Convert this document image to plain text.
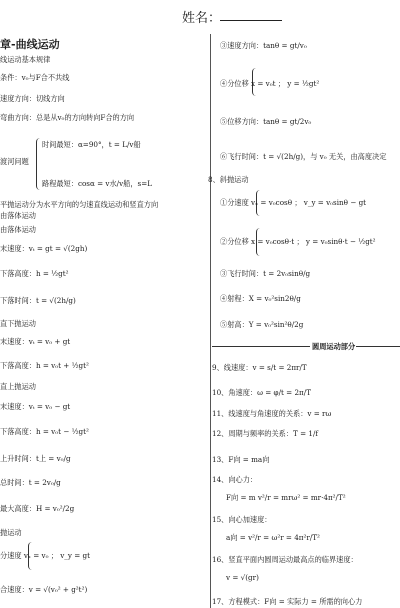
姓名：
章-曲线运动
线运动基本规律
条件：v₀与F合不共线
速度方向：切线方向
弯曲方向：总是从v₀的方向转向F合的方向
时间最短：α=90°，t = L/v船
渡河问题
路程最短：cosα = v水/v船，s=L
平抛运动分为水平方向的匀速直线运动和竖直方向
由落体运动
由落体运动
末速度：vₜ = gt = √(2gh)
下落高度：h = ½gt²
下落时间：t = √(2h/g)
直下抛运动
末速度：vₜ = v₀ + gt
下落高度：h = v₀t + ½gt²
直上抛运动
末速度：vₜ = v₀ − gt
下落高度：h = v₀t − ½gt²
上升时间：t上 = v₀/g
总时间：t = 2v₀/g
最大高度：H = v₀²/2g
抛运动
分速度 vₓ = v₀ ； v_y = gt
合速度：v = √(v₀² + g²t²)
③速度方向：tanθ = gt/v₀
④分位移 x = v₀t ； y = ½gt²
⑤位移方向：tanθ = gt/2v₀
⑥飞行时间：t = √(2h/g)，与 v₀ 无关，由高度决定
8、斜抛运动
①分速度 vₓ = v₀cosθ ； v_y = v₀sinθ − gt
②分位移 x = v₀cosθ·t ； y = v₀sinθ·t − ½gt²
③飞行时间：t = 2v₀sinθ/g
④射程：X = v₀²sin2θ/g
⑤射高：Y = v₀²sin²θ/2g
圆周运动部分
9、线速度：v = s/t = 2πr/T
10、角速度：ω = φ/t = 2π/T
11、线速度与角速度的关系：v = rω
12、周期与频率的关系：T = 1/f
13、F向 = ma向
14、向心力：
F向 = m v²/r = mrω² = mr·4π²/T²
15、向心加速度：
a向 = v²/r = ω²r = 4π²r/T²
16、竖直平面内圆周运动最高点的临界速度：
v = √(gr)
17、方程模式：F向 = 实际力 = 所需的向心力
